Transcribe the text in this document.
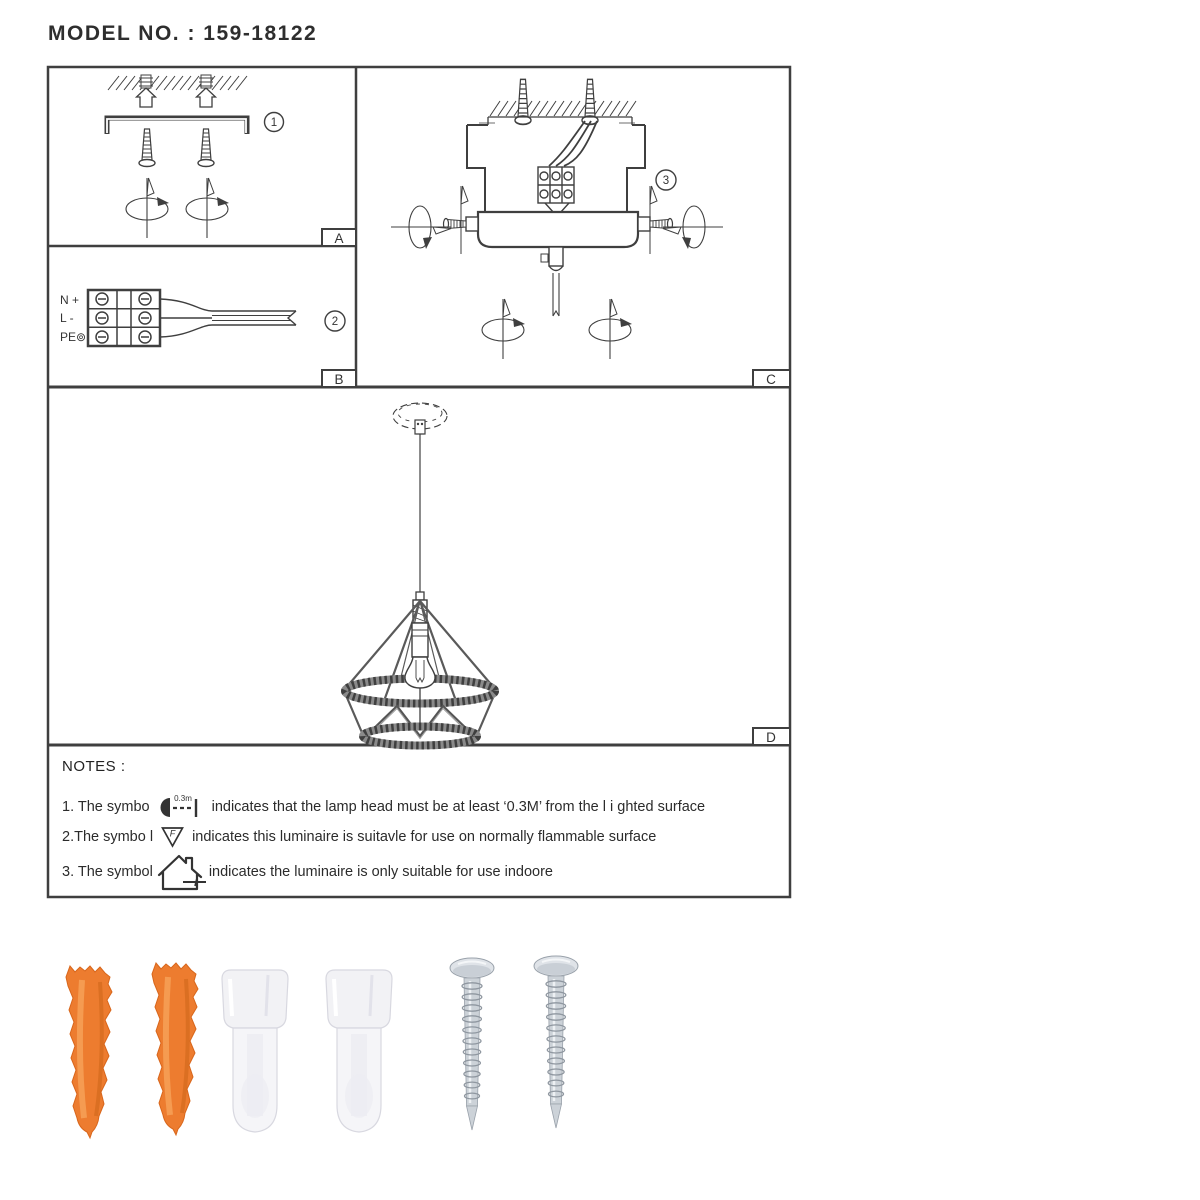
MODEL NO. : 159-18122
A
B	C
D
1
N +
L -
PE⊚
2
3
NOTES :
1. The symbo
0.3m
indicates that the lamp head must be at least ‘0.3M’ from the l i ghted surface
2.The symbo l F indicates this luminaire is suitavle for use on normally flammable surface
3. The symbol	indicates the luminaire is only suitable for use indoore
